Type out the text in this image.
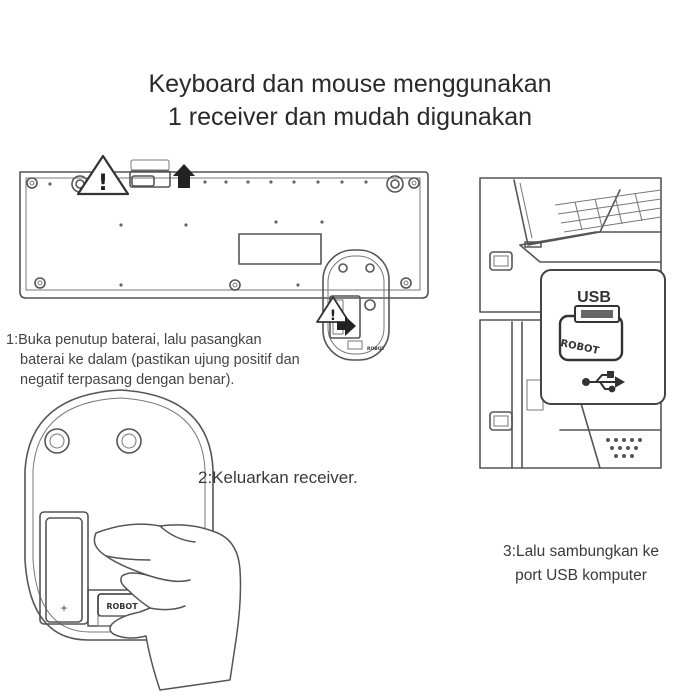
Keyboard dan mouse menggunakan
1 receiver dan mudah digunakan
!
ROBOT
!
USB
ROBOT
+	ROBOT
1:Buka penutup baterai, lalu pasangkan
baterai ke dalam (pastikan ujung positif dan
negatif terpasang dengan benar).
2:Keluarkan receiver.
3:Lalu sambungkan ke
port USB komputer
